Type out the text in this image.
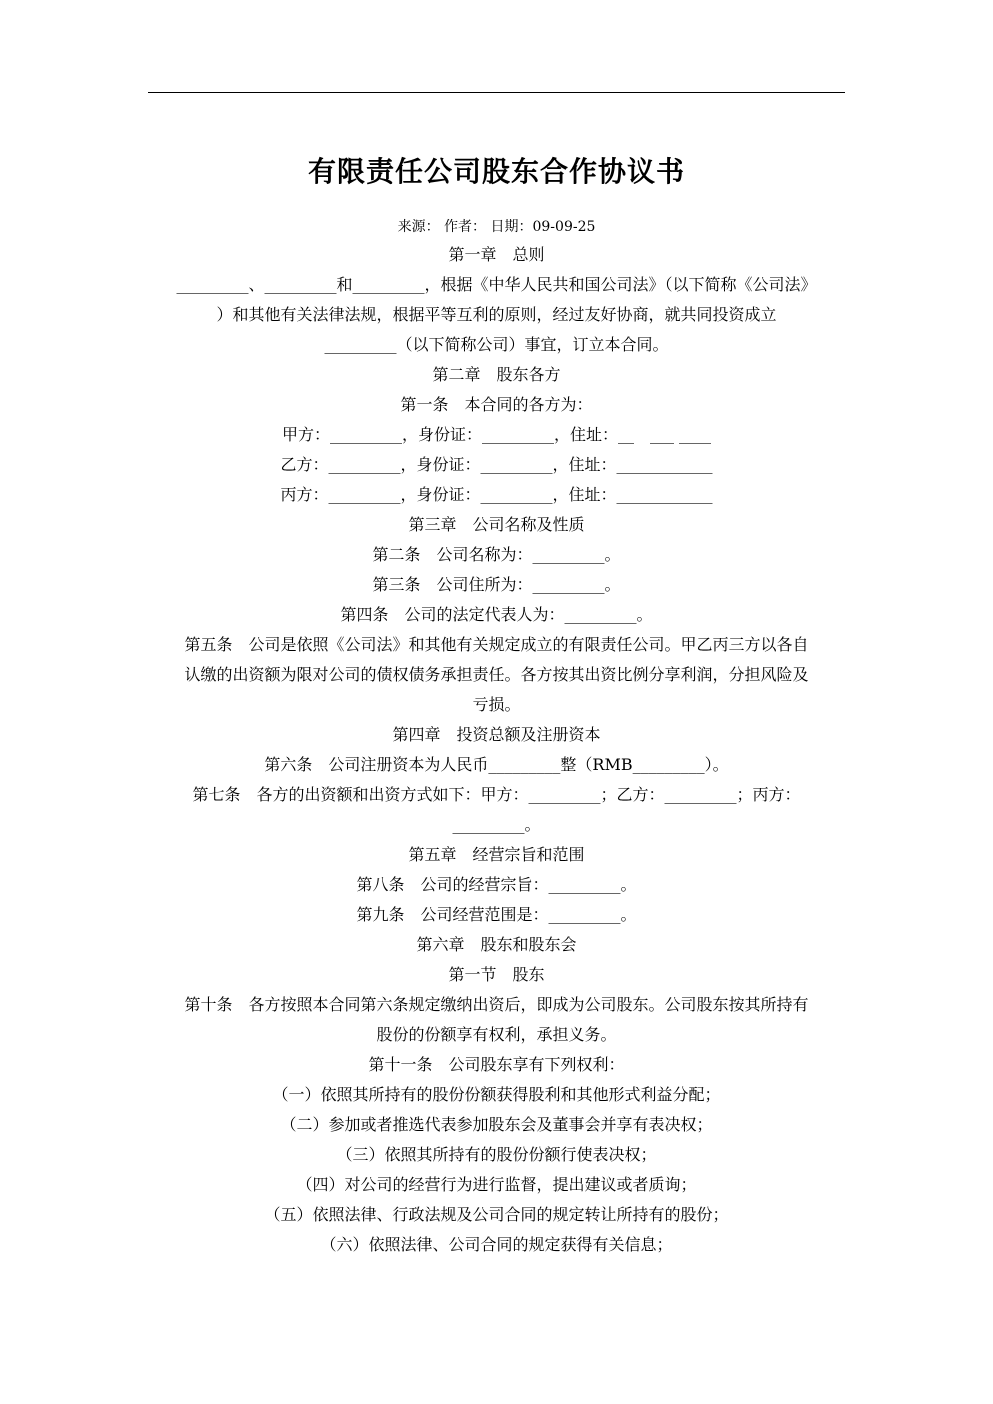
有限责任公司股东合作协议书
来源： 作者： 日期：09-09-25
第一章　总则
_________、_________和_________，根据《中华人民共和国公司法》（以下简称《公司法》
）和其他有关法律法规，根据平等互利的原则，经过友好协商，就共同投资成立
_________（以下简称公司）事宜，订立本合同。
第二章　股东各方
第一条　本合同的各方为：
甲方：_________，身份证：_________，住址：__　___ ____
乙方：_________，身份证：_________，住址：____________
丙方：_________，身份证：_________，住址：____________
第三章　公司名称及性质
第二条　公司名称为：_________。
第三条　公司住所为：_________。
第四条　公司的法定代表人为：_________。
第五条　公司是依照《公司法》和其他有关规定成立的有限责任公司。甲乙丙三方以各自
认缴的出资额为限对公司的债权债务承担责任。各方按其出资比例分享利润，分担风险及
亏损。
第四章　投资总额及注册资本
第六条　公司注册资本为人民币_________整（RMB_________）。
第七条　各方的出资额和出资方式如下：甲方：_________；乙方：_________；丙方：
_________。
第五章　经营宗旨和范围
第八条　公司的经营宗旨：_________。
第九条　公司经营范围是：_________。
第六章　股东和股东会
第一节　股东
第十条　各方按照本合同第六条规定缴纳出资后，即成为公司股东。公司股东按其所持有
股份的份额享有权利，承担义务。
第十一条　公司股东享有下列权利：
（一）依照其所持有的股份份额获得股利和其他形式利益分配；
（二）参加或者推选代表参加股东会及董事会并享有表决权；
（三）依照其所持有的股份份额行使表决权；
（四）对公司的经营行为进行监督，提出建议或者质询；
（五）依照法律、行政法规及公司合同的规定转让所持有的股份；
（六）依照法律、公司合同的规定获得有关信息；
